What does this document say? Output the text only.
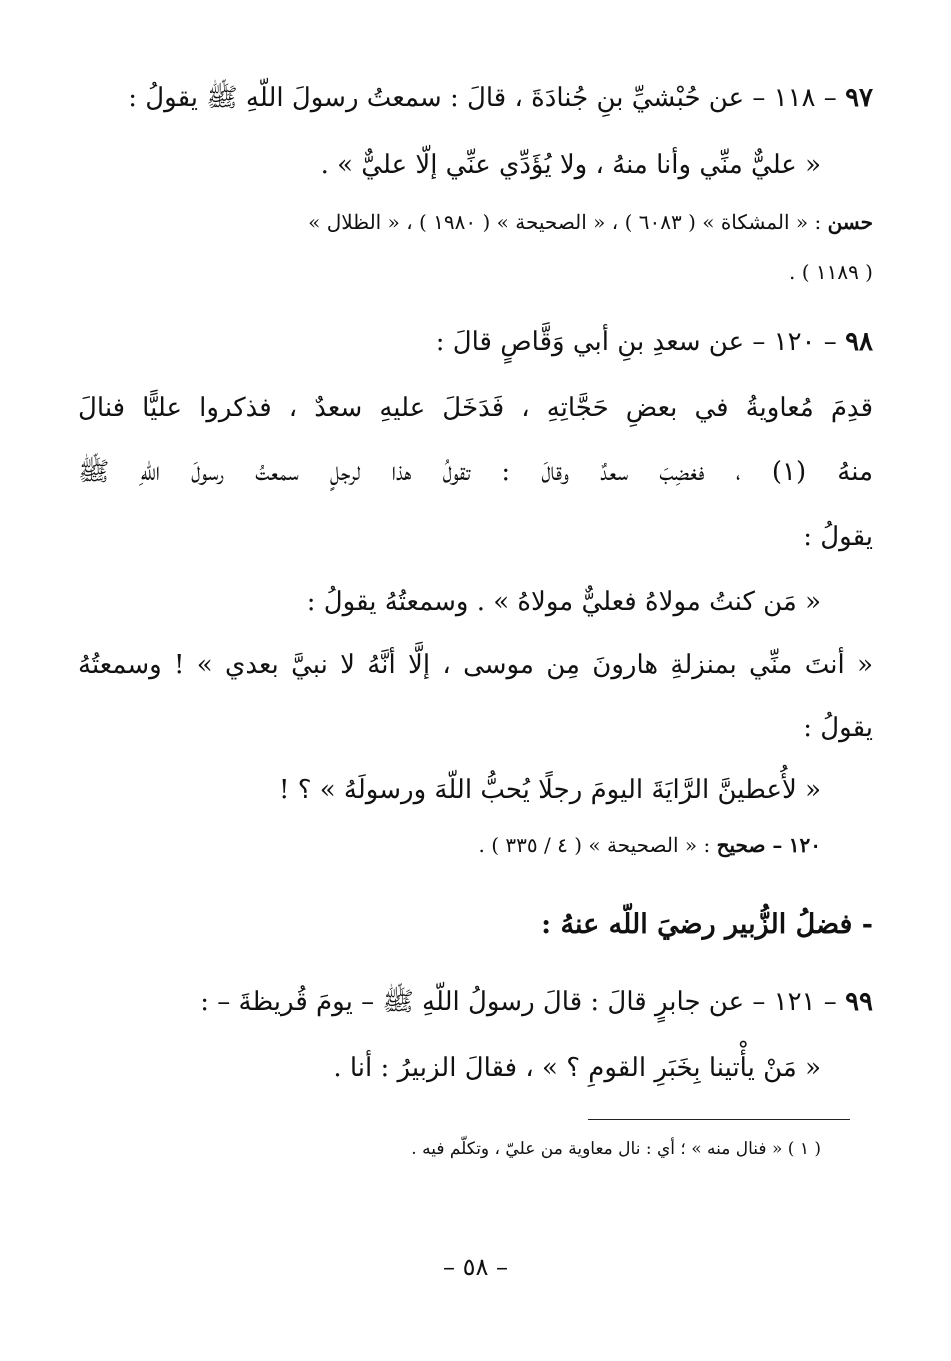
٩٧ – ١١٨ – عن حُبْشيِّ بنِ جُنادَةَ ، قالَ : سمعتُ رسولَ اللّهِ ﷺ يقولُ :
« عليٌّ منِّي وأنا منهُ ، ولا يُؤَدِّي عنِّي إلّا عليٌّ » .
حسن : « المشكاة » ( ٦٠٨٣ ) ، « الصحيحة » ( ١٩٨٠ ) ، « الظلال »
( ١١٨٩ ) .
٩٨ – ١٢٠ – عن سعدِ بنِ أبي وَقَّاصٍ قالَ :
قدِمَ مُعاويةُ في بعضِ حَجَّاتِهِ ، فَدَخَلَ عليهِ سعدٌ ، فذكروا عليًّا فنالَ
منهُ (١) ، فغضِبَ سعدٌ وقالَ : تقولُ هذا لرجلٍ سمعتُ رسولَ اللّهِ ﷺ
يقولُ :
« مَن كنتُ مولاهُ فعليٌّ مولاهُ » . وسمعتُهُ يقولُ :
« أنتَ منِّي بمنزلةِ هارونَ مِن موسى ، إلَّا أنَّهُ لا نبيَّ بعدي » ! وسمعتُهُ
يقولُ :
« لأُعطينَّ الرَّايَةَ اليومَ رجلًا يُحبُّ اللّهَ ورسولَهُ » ؟ !
١٢٠ – صحيح : « الصحيحة » ( ٤ / ٣٣٥ ) .
- فضلُ الزُّبير رضيَ اللّه عنهُ :
٩٩ – ١٢١ – عن جابرٍ قالَ : قالَ رسولُ اللّهِ ﷺ – يومَ قُريظةَ – :
« مَنْ يأْتينا بِخَبَرِ القومِ ؟ » ، فقالَ الزبيرُ : أنا .
( ١ ) « فنال منه » ؛ أي : نال معاوية من عليّ ، وتكلّم فيه .
– ٥٨ –
